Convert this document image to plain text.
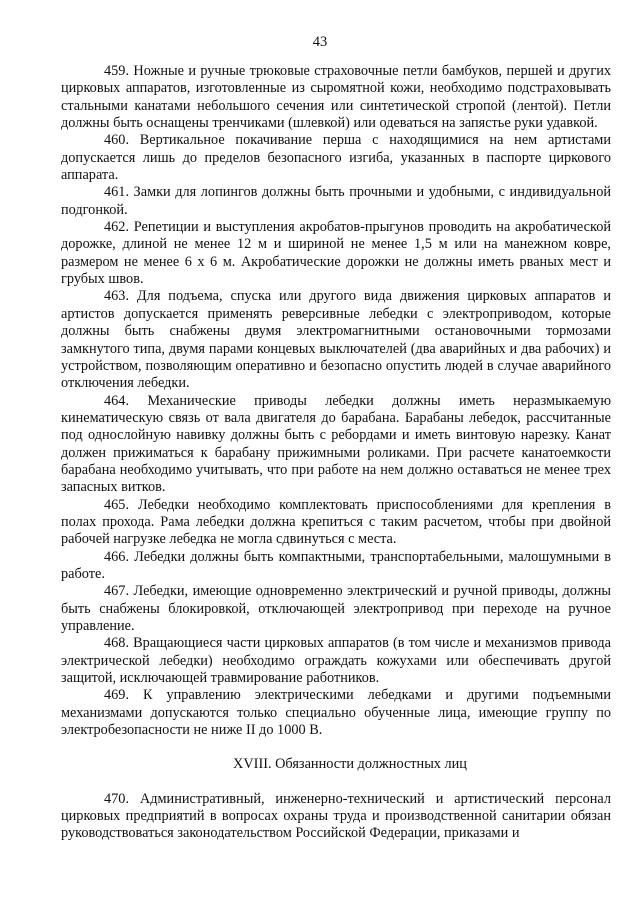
43

459. Ножные и ручные трюковые страховочные петли бамбуков, першей и других цирковых аппаратов, изготовленные из сыромятной кожи, необходимо подстраховывать стальными канатами небольшого сечения или синтетической стропой (лентой). Петли должны быть оснащены тренчиками (шлевкой) или одеваться на запястье руки удавкой.

460. Вертикальное покачивание перша с находящимися на нем артистами допускается лишь до пределов безопасного изгиба, указанных в паспорте циркового аппарата.

461. Замки для лопингов должны быть прочными и удобными, с индивидуальной подгонкой.

462. Репетиции и выступления акробатов-прыгунов проводить на акробатической дорожке, длиной не менее 12 м и шириной не менее 1,5 м или на манежном ковре, размером не менее 6 х 6 м. Акробатические дорожки не должны иметь рваных мест и грубых швов.

463. Для подъема, спуска или другого вида движения цирковых аппаратов и артистов допускается применять реверсивные лебедки с электроприводом, которые должны быть снабжены двумя электромагнитными остановочными тормозами замкнутого типа, двумя парами концевых выключателей (два аварийных и два рабочих) и устройством, позволяющим оперативно и безопасно опустить людей в случае аварийного отключения лебедки.

464. Механические приводы лебедки должны иметь неразмыкаемую кинематическую связь от вала двигателя до барабана. Барабаны лебедок, рассчитанные под однослойную навивку должны быть с ребордами и иметь винтовую нарезку. Канат должен прижиматься к барабану прижимными роликами. При расчете канатоемкости барабана необходимо учитывать, что при работе на нем должно оставаться не менее трех запасных витков.

465. Лебедки необходимо комплектовать приспособлениями для крепления в полах прохода. Рама лебедки должна крепиться с таким расчетом, чтобы при двойной рабочей нагрузке лебедка не могла сдвинуться с места.

466. Лебедки должны быть компактными, транспортабельными, малошумными в работе.

467. Лебедки, имеющие одновременно электрический и ручной приводы, должны быть снабжены блокировкой, отключающей электропривод при переходе на ручное управление.

468. Вращающиеся части цирковых аппаратов (в том числе и механизмов привода электрической лебедки) необходимо ограждать кожухами или обеспечивать другой защитой, исключающей травмирование работников.

469. К управлению электрическими лебедками и другими подъемными механизмами допускаются только специально обученные лица, имеющие группу по электробезопасности не ниже II до 1000 В.

XVIII. Обязанности должностных лиц

470. Административный, инженерно-технический и артистический персонал цирковых предприятий в вопросах охраны труда и производственной санитарии обязан руководствоваться законодательством Российской Федерации, приказами и
